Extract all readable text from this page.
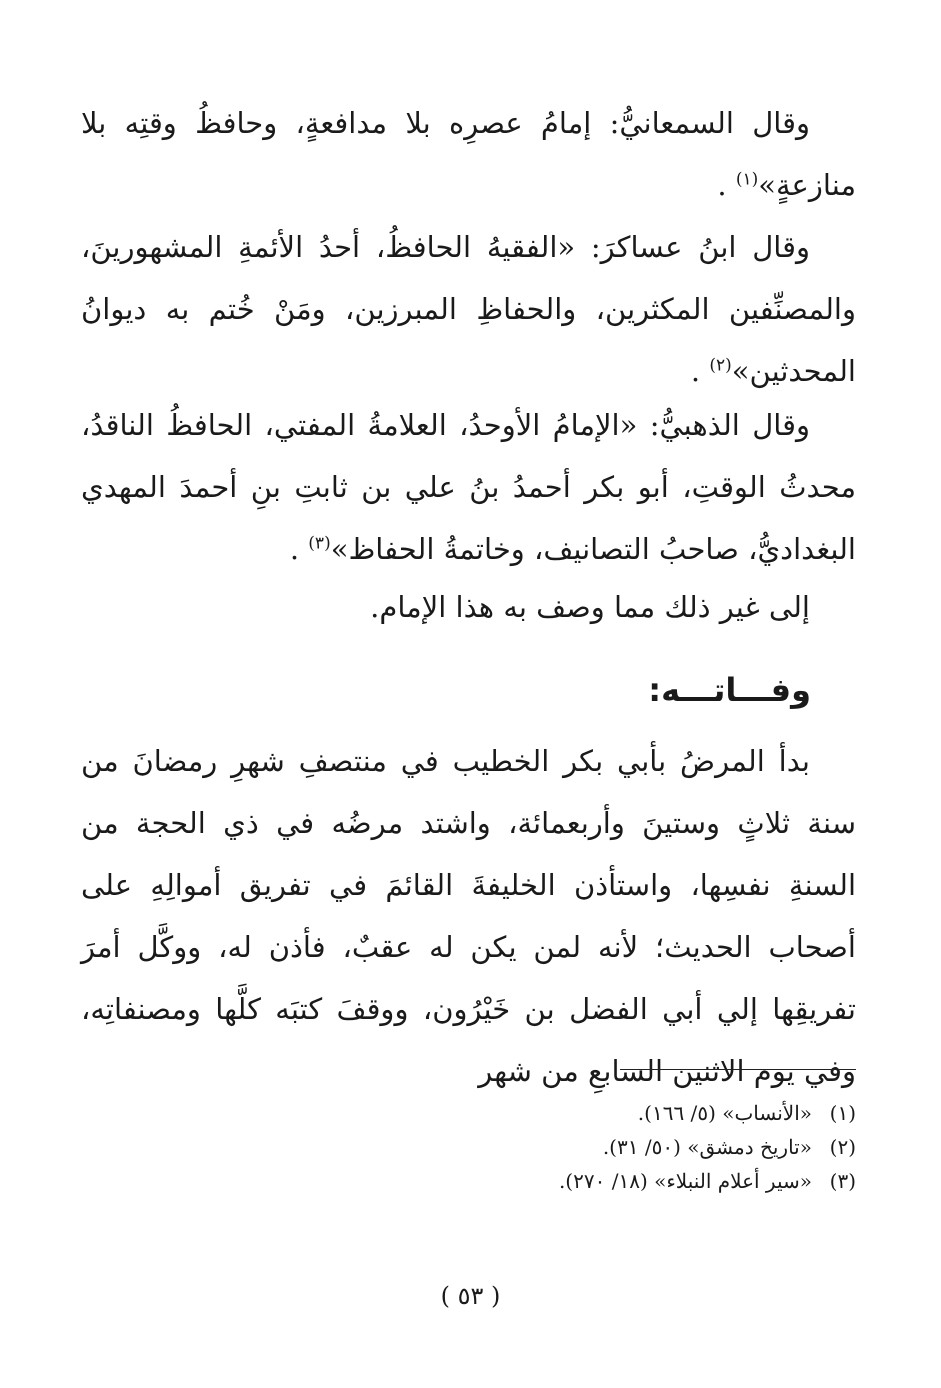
وقال السمعانيُّ: إمامُ عصرِه بلا مدافعةٍ، وحافظُ وقتِه بلا منازعةٍ»$^{(١)}$ .

وقال ابنُ عساكرَ: «الفقيهُ الحافظُ، أحدُ الأئمةِ المشهورينَ، والمصنِّفين المكثرين، والحفاظِ المبرزين، ومَنْ خُتم به ديوانُ المحدثين»$^{(٢)}$ .

وقال الذهبيُّ: «الإمامُ الأوحدُ، العلامةُ المفتي، الحافظُ الناقدُ، محدثُ الوقتِ، أبو بكر أحمدُ بنُ علي بن ثابتِ بنِ أحمدَ المهدي البغداديُّ، صاحبُ التصانيف، وخاتمةُ الحفاظ»$^{(٣)}$ .

إلى غير ذلك مما وصف به هذا الإمام.

وفـــاتـــه:

بدأ المرضُ بأبي بكر الخطيب في منتصفِ شهرِ رمضانَ من سنة ثلاثٍ وستينَ وأربعمائة، واشتد مرضُه في ذي الحجة من السنةِ نفسِها، واستأذن الخليفةَ القائمَ في تفريق أموالِهِ على أصحاب الحديث؛ لأنه لمن يكن له عقبٌ، فأذن له، ووكَّل أمرَ تفريقِها إلي أبي الفضل بن خَيْرُون، ووقفَ كتبَه كلَّها ومصنفاتِه، وفي يوم الاثنين السابعِ من شهر

(١)«الأنساب» (٥/ ١٦٦).
(٢)«تاريخ دمشق» (٥٠/ ٣١).
(٣)«سير أعلام النبلاء» (١٨/ ٢٧٠).
( ٥٣ )
